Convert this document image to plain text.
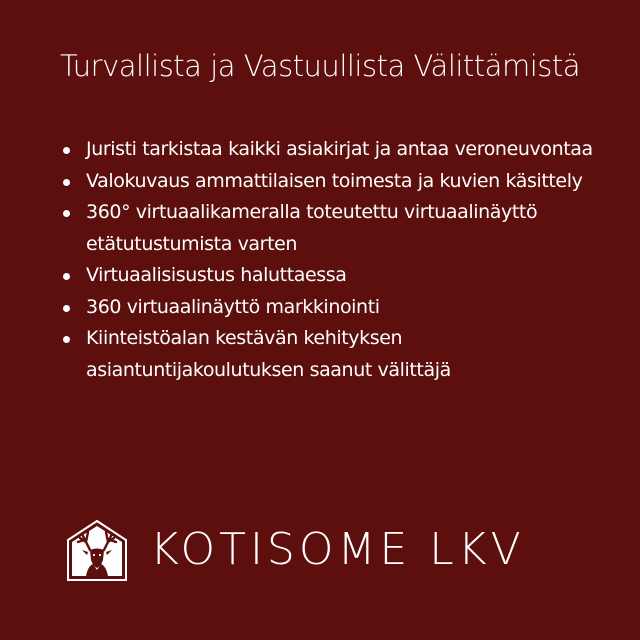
Turvallista ja Vastuullista Välittämistä
Juristi tarkistaa kaikki asiakirjat ja antaa veroneuvontaa
Valokuvaus ammattilaisen toimesta ja kuvien käsittely
360° virtuaalikameralla toteutettu virtuaalinäyttö etätutustumista varten
Virtuaalisisustus haluttaessa
360 virtuaalinäyttö markkinointi
Kiinteistöalan kestävän kehityksen asiantuntijakoulutuksen saanut välittäjä
KOTISOME LKV
